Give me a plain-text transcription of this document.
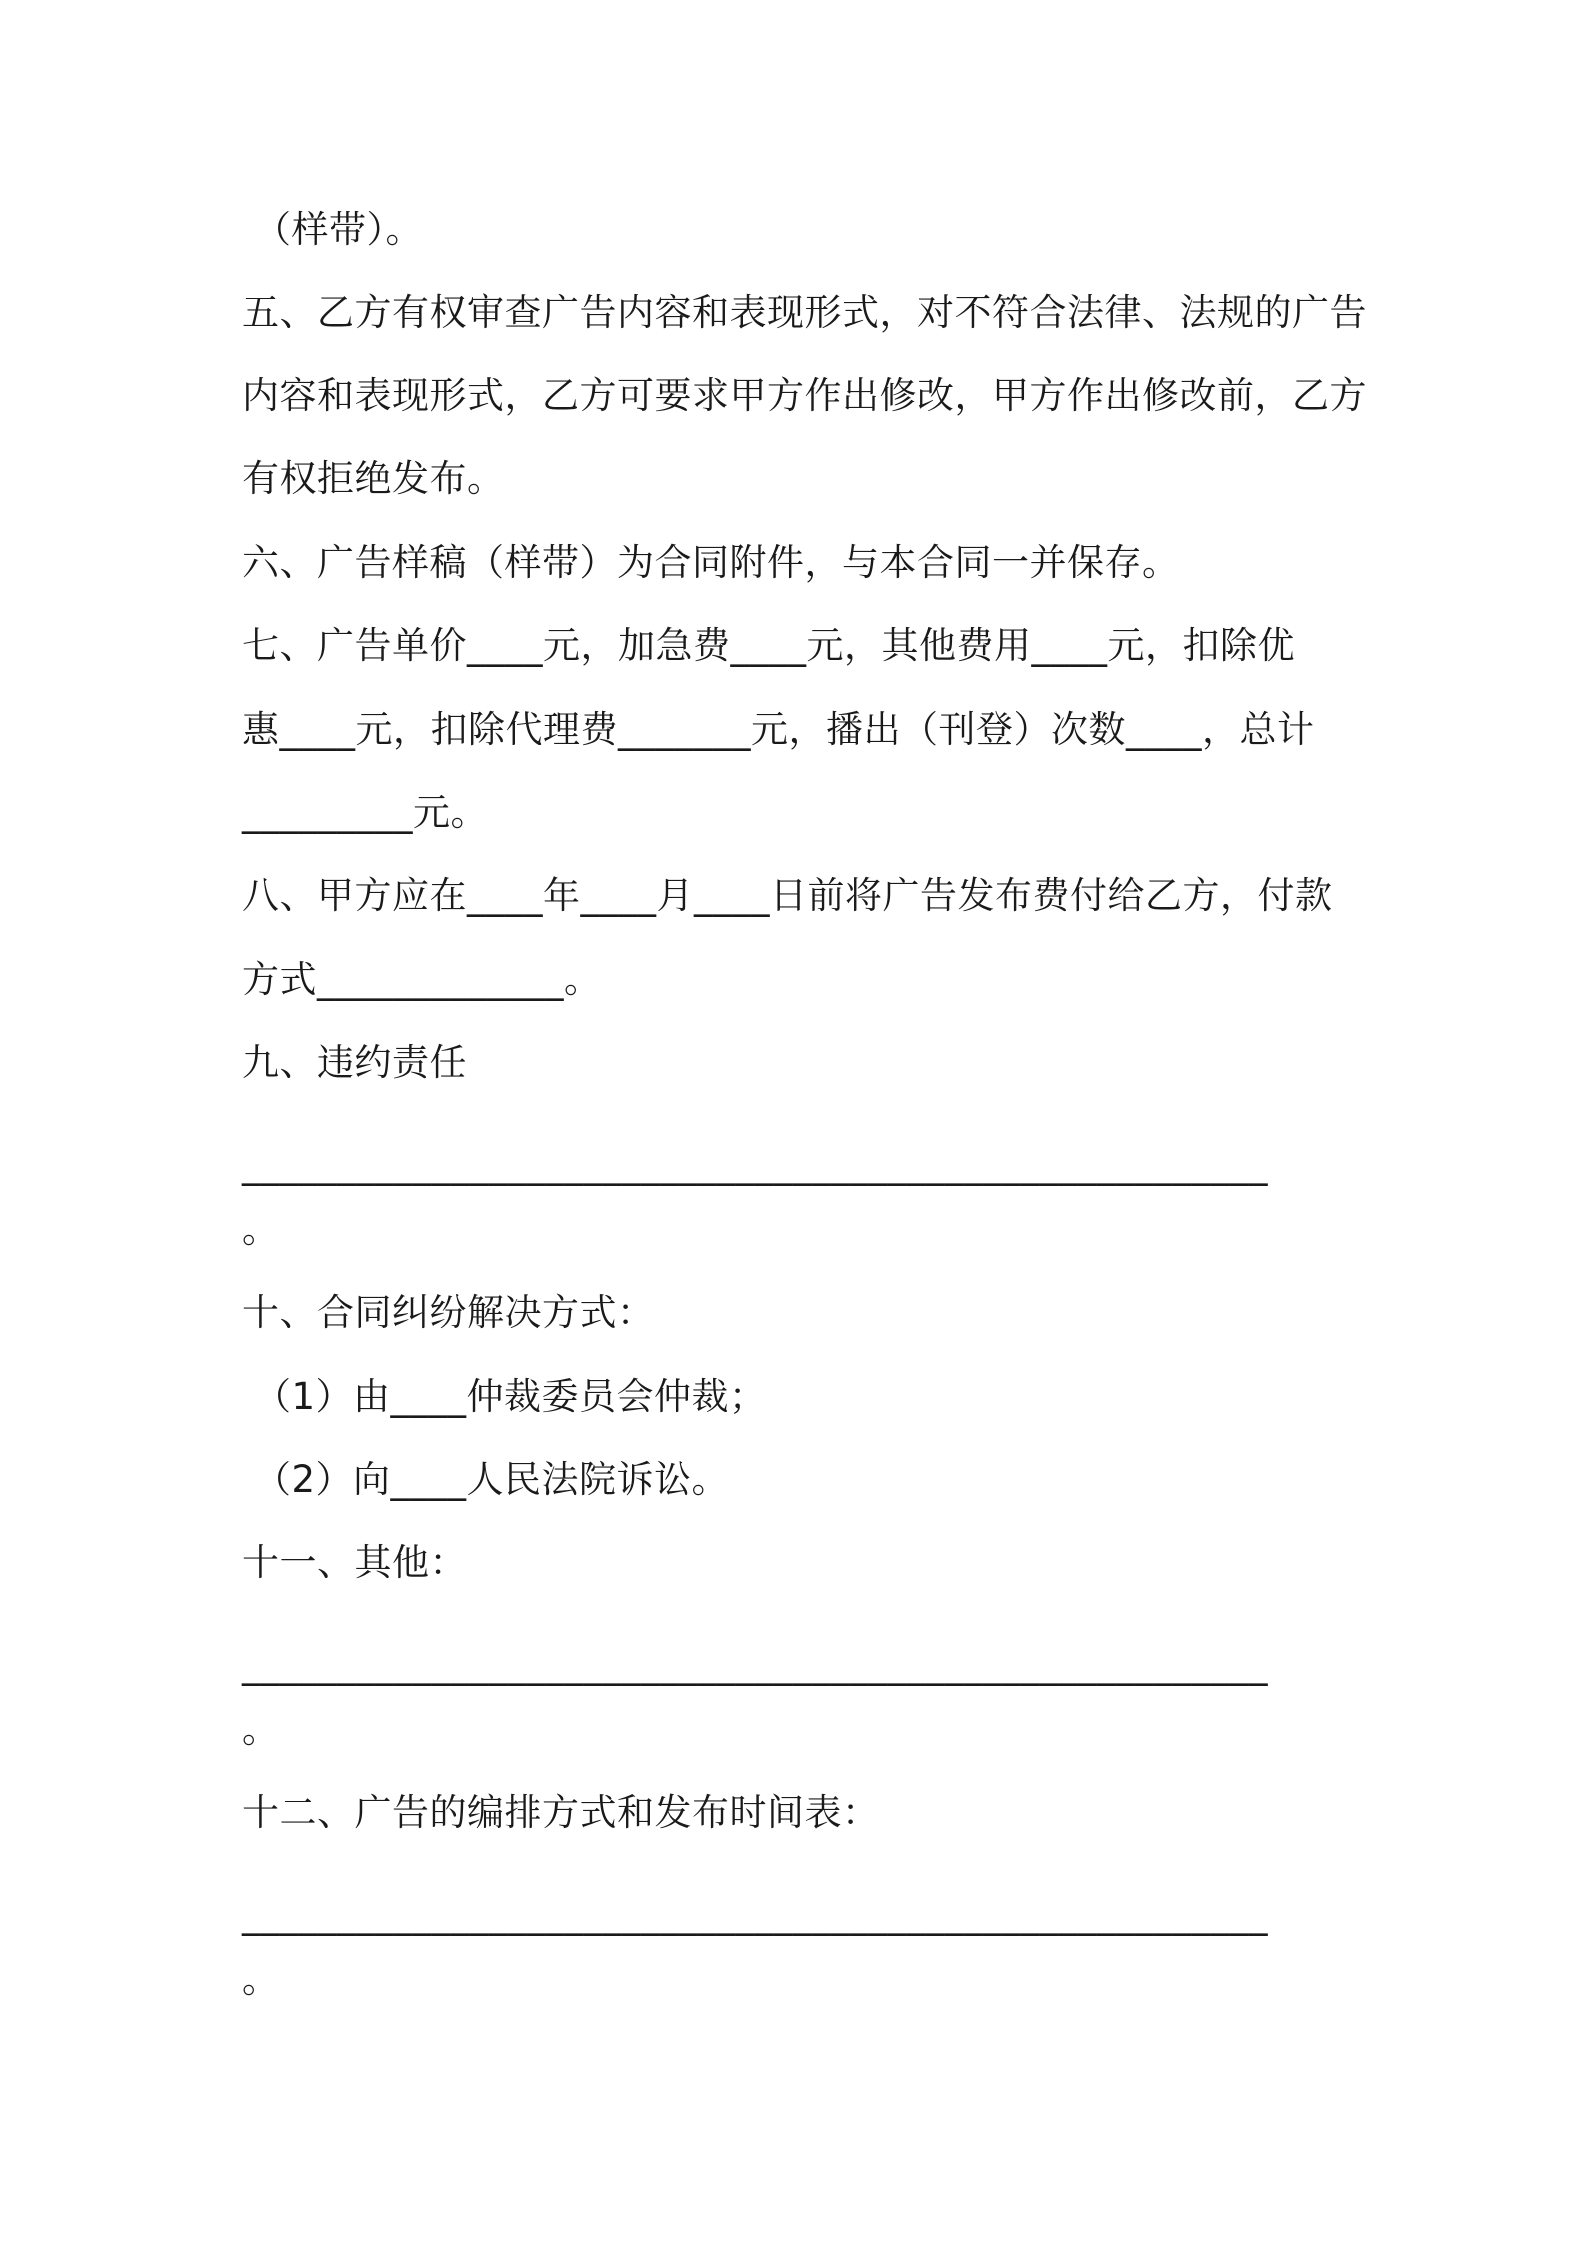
（样带）。
五、乙方有权审查广告内容和表现形式，对不符合法律、法规的广告
内容和表现形式，乙方可要求甲方作出修改，甲方作出修改前，乙方
有权拒绝发布。
六、广告样稿（样带）为合同附件，与本合同一并保存。
七、广告单价____元，加急费____元，其他费用____元，扣除优
惠____元，扣除代理费_______元，播出（刊登）次数____，总计
_________元。
八、甲方应在____年____月____日前将广告发布费付给乙方，付款
方式_____________。
九、违约责任
______________________________________________________
。
十、合同纠纷解决方式：
（1）由____仲裁委员会仲裁；
（2）向____人民法院诉讼。
十一、其他：
______________________________________________________
。
十二、广告的编排方式和发布时间表：
______________________________________________________
。
